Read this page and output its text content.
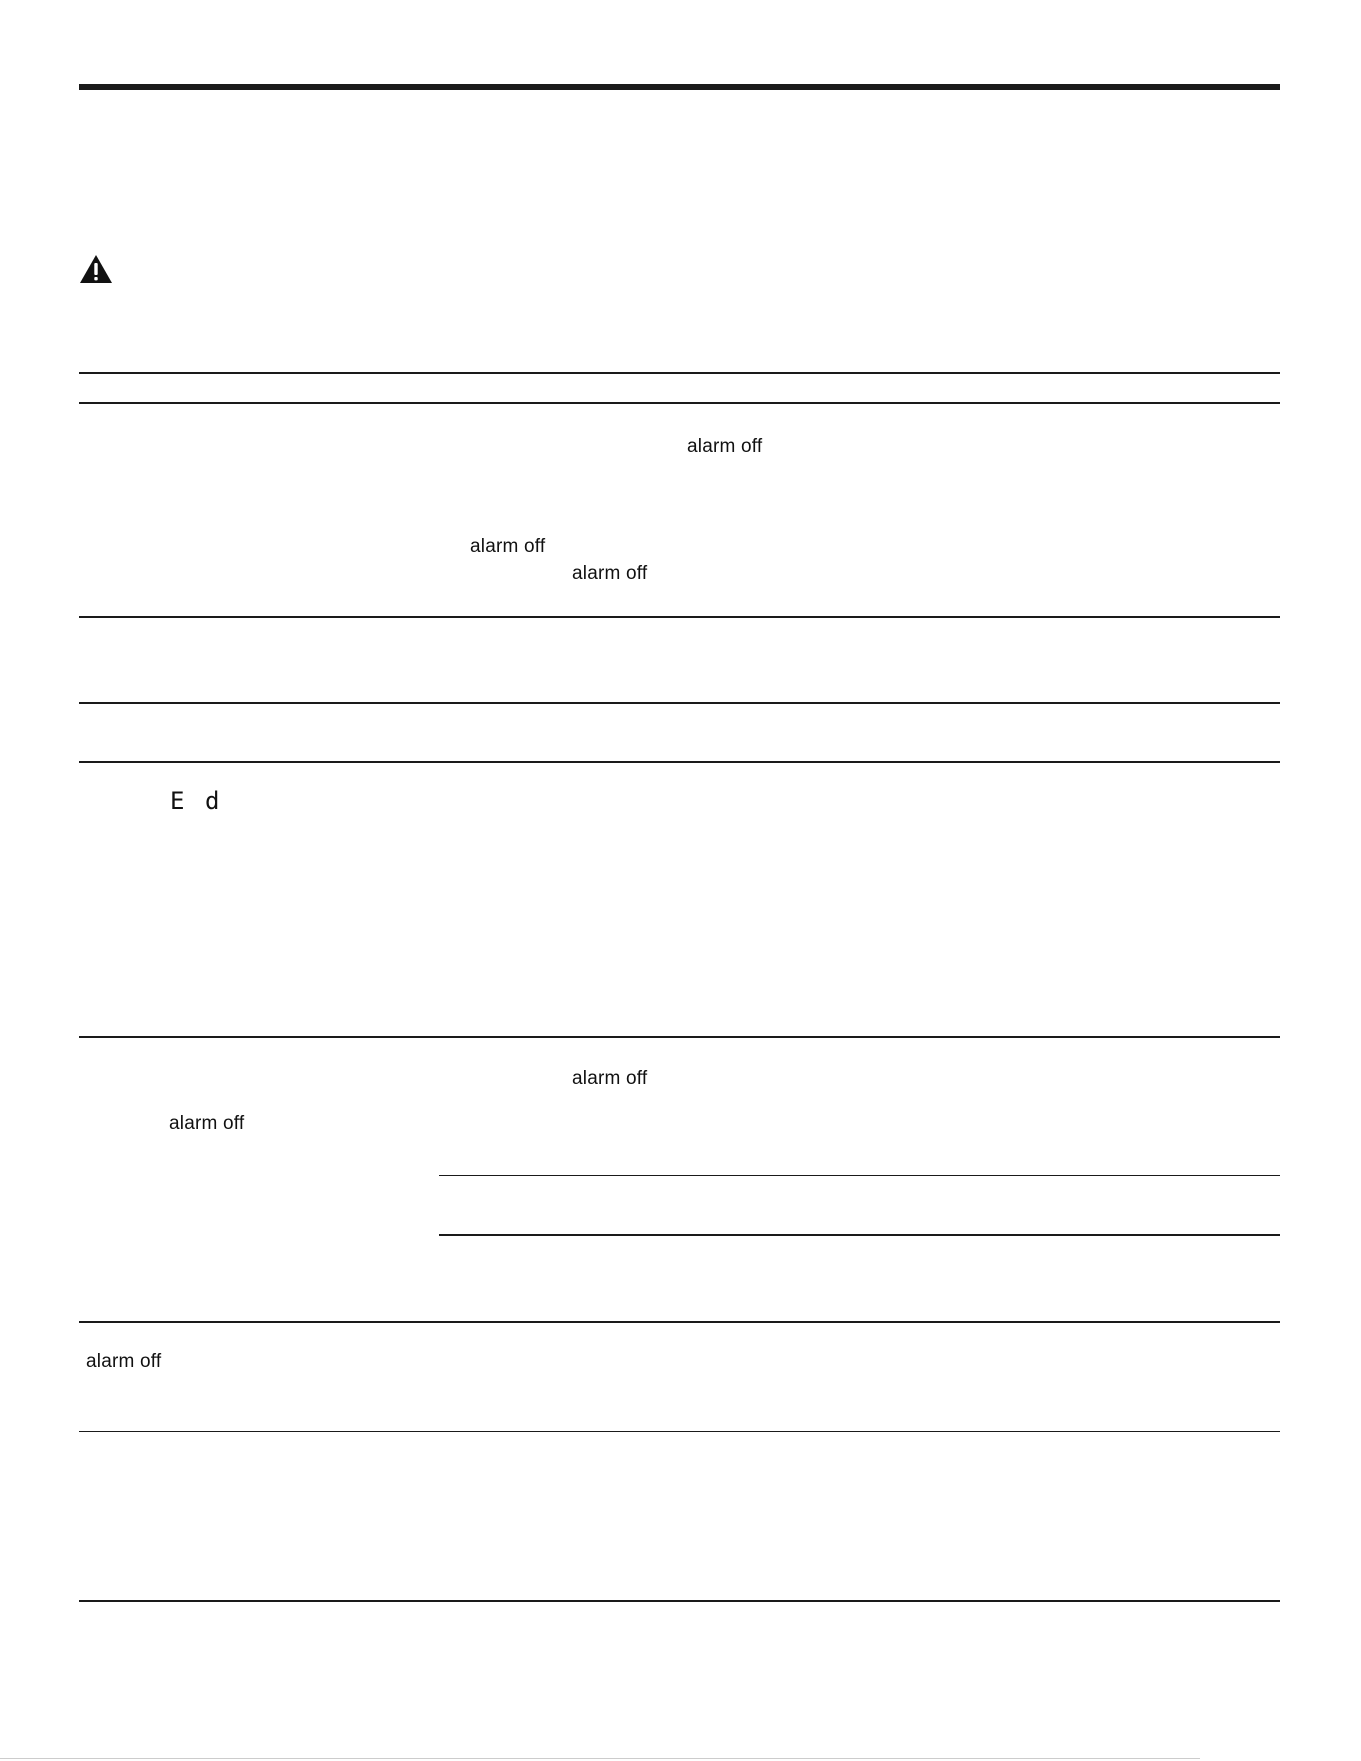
alarm off
alarm off
alarm off
E d
alarm off
alarm off
alarm off
